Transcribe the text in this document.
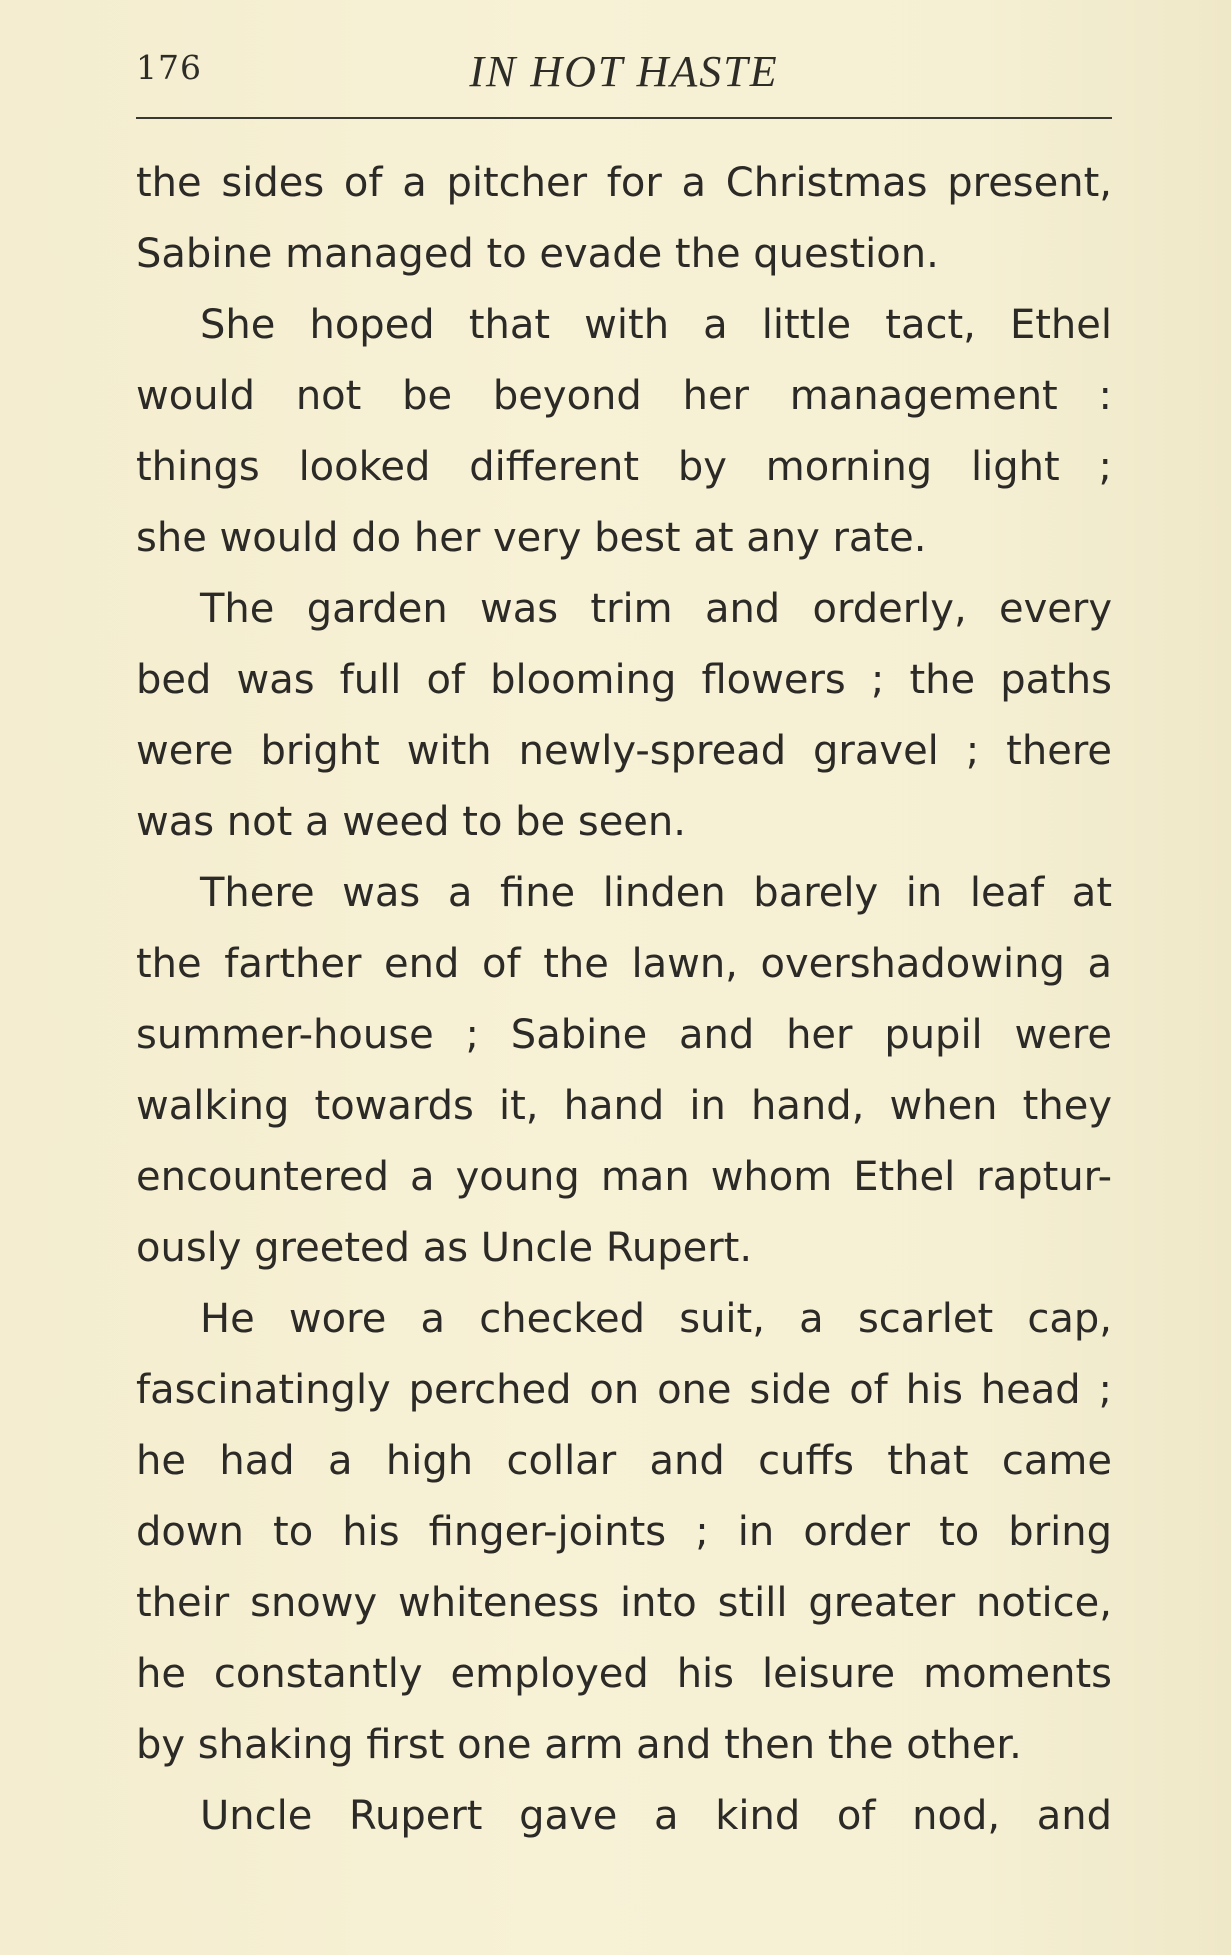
176	IN HOT HASTE
the sides of a pitcher for a Christmas present,
Sabine managed to evade the question.
She hoped that with a little tact, Ethel
would not be beyond her management :
things looked different by morning light ;
she would do her very best at any rate.
The garden was trim and orderly, every
bed was full of blooming flowers ; the paths
were bright with newly-spread gravel ; there
was not a weed to be seen.
There was a fine linden barely in leaf at
the farther end of the lawn, overshadowing a
summer-house ; Sabine and her pupil were
walking towards it, hand in hand, when they
encountered a young man whom Ethel raptur-
ously greeted as Uncle Rupert.
He wore a checked suit, a scarlet cap,
fascinatingly perched on one side of his head ;
he had a high collar and cuffs that came
down to his finger-joints ; in order to bring
their snowy whiteness into still greater notice,
he constantly employed his leisure moments
by shaking first one arm and then the other.
Uncle Rupert gave a kind of nod, and
